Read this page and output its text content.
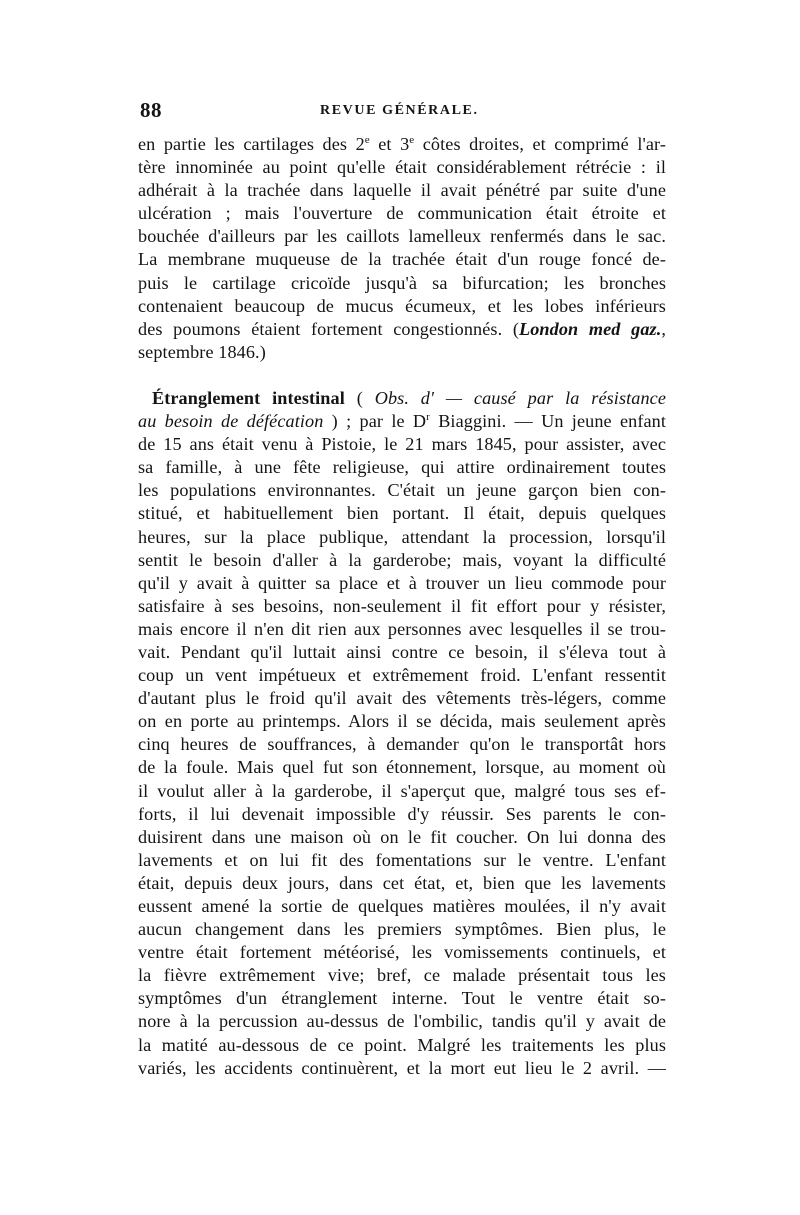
88	REVUE GÉNÉRALE.
en partie les cartilages des 2e et 3e côtes droites, et comprimé l'ar-
tère innominée au point qu'elle était considérablement rétrécie : il
adhérait à la trachée dans laquelle il avait pénétré par suite d'une
ulcération ; mais l'ouverture de communication était étroite et
bouchée d'ailleurs par les caillots lamelleux renfermés dans le sac.
La membrane muqueuse de la trachée était d'un rouge foncé de-
puis le cartilage cricoïde jusqu'à sa bifurcation; les bronches
contenaient beaucoup de mucus écumeux, et les lobes inférieurs
des poumons étaient fortement congestionnés. (London med gaz.,
septembre 1846.)
Étranglement intestinal ( Obs. d' — causé par la résistance
au besoin de défécation ) ; par le $D^r$ Biaggini. — Un jeune enfant
de 15 ans était venu à Pistoie, le 21 mars 1845, pour assister, avec
sa famille, à une fête religieuse, qui attire ordinairement toutes
les populations environnantes. C'était un jeune garçon bien con-
stitué, et habituellement bien portant. Il était, depuis quelques
heures, sur la place publique, attendant la procession, lorsqu'il
sentit le besoin d'aller à la garderobe; mais, voyant la difficulté
qu'il y avait à quitter sa place et à trouver un lieu commode pour
satisfaire à ses besoins, non-seulement il fit effort pour y résister,
mais encore il n'en dit rien aux personnes avec lesquelles il se trou-
vait. Pendant qu'il luttait ainsi contre ce besoin, il s'éleva tout à
coup un vent impétueux et extrêmement froid. L'enfant ressentit
d'autant plus le froid qu'il avait des vêtements très-légers, comme
on en porte au printemps. Alors il se décida, mais seulement après
cinq heures de souffrances, à demander qu'on le transportât hors
de la foule. Mais quel fut son étonnement, lorsque, au moment où
il voulut aller à la garderobe, il s'aperçut que, malgré tous ses ef-
forts, il lui devenait impossible d'y réussir. Ses parents le con-
duisirent dans une maison où on le fit coucher. On lui donna des
lavements et on lui fit des fomentations sur le ventre. L'enfant
était, depuis deux jours, dans cet état, et, bien que les lavements
eussent amené la sortie de quelques matières moulées, il n'y avait
aucun changement dans les premiers symptômes. Bien plus, le
ventre était fortement météorisé, les vomissements continuels, et
la fièvre extrêmement vive; bref, ce malade présentait tous les
symptômes d'un étranglement interne. Tout le ventre était so-
nore à la percussion au-dessus de l'ombilic, tandis qu'il y avait de
la matité au-dessous de ce point. Malgré les traitements les plus
variés, les accidents continuèrent, et la mort eut lieu le 2 avril. —
